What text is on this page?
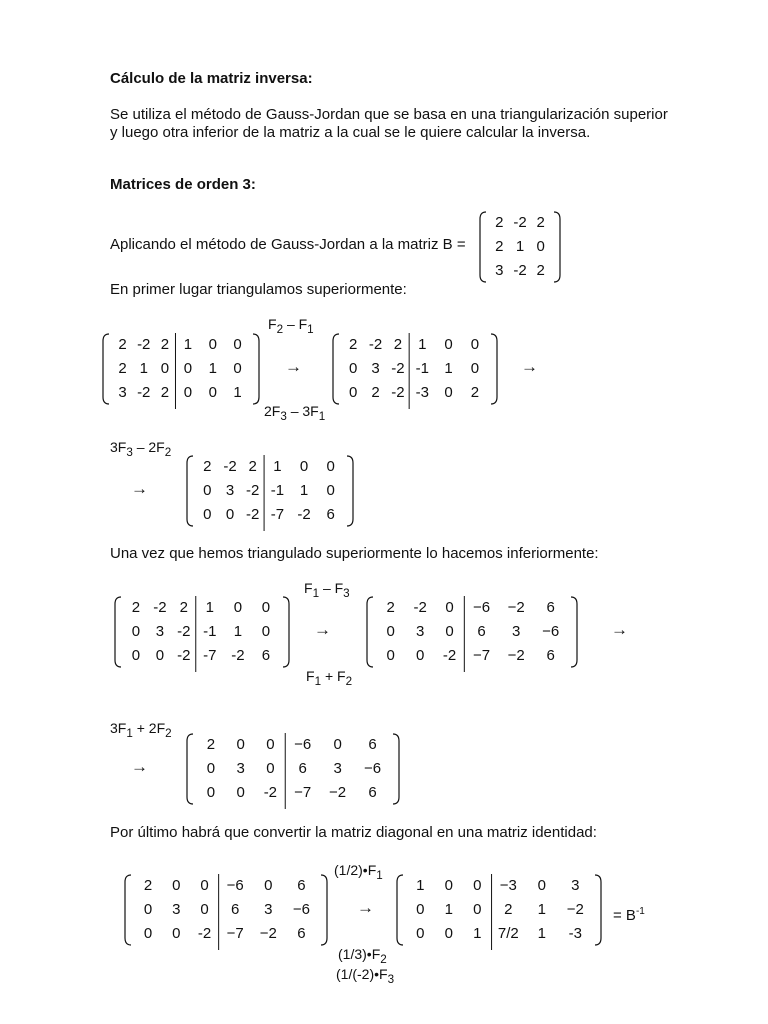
Cálculo de la matriz inversa:
Se utiliza el método de Gauss-Jordan que se basa en una triangularización superior
y luego otra inferior de la matriz a la cual se le quiere calcular la inversa.
Matrices de orden 3:
Aplicando el método de Gauss-Jordan a la matriz B =
En primer lugar triangulamos superiormente:
Una vez que hemos triangulado superiormente lo hacemos inferiormente:
Por último habrá que convertir la matriz diagonal en una matriz identidad:
2 -2 2
2 1 0
3 -2 2
2 -2 2 1	0	0
2 1 0 0	1	0
3 -2 2 0	0	1
2 -2 2	1	0	0
0 3 -2 -1	1	0
0 2 -2 -3	0	2
2 -2 2	1	0	0
0 3 -2 -1	1	0
0 0 -2 -7 -2	6
2 -2 2	1	0	0
0	3 -2 -1	1	0
0	0 -2 -7 -2	6
2	-2	0	−6	−2	6
0	3	0	6	3	−6
0	0	-2	−7	−2	6
2	0	0	−6	0	6
0	3	0	6	3	−6
0	0	-2	−7	−2	6
2	0	0	−6	0	6
0	3	0	6	3	−6
0	0	-2	−7	−2	6
1	0	0	−3	0	3
0	1	0	2	1	−2
0	0	1	7/2	1	-3
→	→
→
→	→
→
→
$F_2 - F_1$
$2F_3 - 3F_1$
$3F_3 - 2F_2$
$F_1 - F_3$
$F_1 + F_2$
$3F_1 + 2F_2$
$(1/2)•F_1$
$(1/3)•F_2$
($1/(-2)•F_3$
= $B^{-1}$
